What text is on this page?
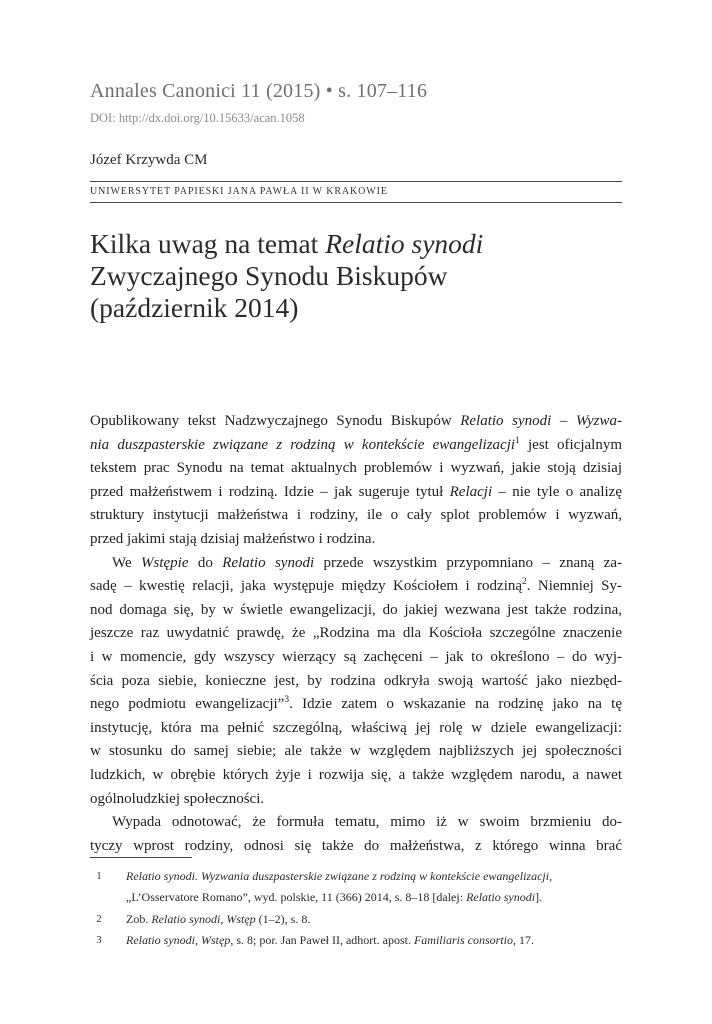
Annales Canonici 11 (2015) • s. 107–116
DOI: http://dx.doi.org/10.15633/acan.1058
Józef Krzywda CM
UNIWERSYTET PAPIESKI JANA PAWŁA II W KRAKOWIE
Kilka uwag na temat Relatio synodi
Zwyczajnego Synodu Biskupów
(październik 2014)
Opublikowany tekst Nadzwyczajnego Synodu Biskupów Relatio synodi – Wyzwa-
nia duszpasterskie związane z rodziną w kontekście ewangelizacji$^1$ jest oficjalnym
tekstem prac Synodu na temat aktualnych problemów i wyzwań, jakie stoją dzisiaj
przed małżeństwem i rodziną. Idzie – jak sugeruje tytuł Relacji – nie tyle o analizę
struktury instytucji małżeństwa i rodziny, ile o cały splot problemów i wyzwań,
przed jakimi stają dzisiaj małżeństwo i rodzina.
We Wstępie do Relatio synodi przede wszystkim przypomniano – znaną za-
sadę – kwestię relacji, jaka występuje między Kościołem i rodziną$^2$. Niemniej Sy-
nod domaga się, by w świetle ewangelizacji, do jakiej wezwana jest także rodzina,
jeszcze raz uwydatnić prawdę, że „Rodzina ma dla Kościoła szczególne znaczenie
i w momencie, gdy wszyscy wierzący są zachęceni – jak to określono – do wyj-
ścia poza siebie, konieczne jest, by rodzina odkryła swoją wartość jako niezbęd-
nego podmiotu ewangelizacji”$^3$. Idzie zatem o wskazanie na rodzinę jako na tę
instytucję, która ma pełnić szczególną, właściwą jej rolę w dziele ewangelizacji:
w stosunku do samej siebie; ale także w względem najbliższych jej społeczności
ludzkich, w obrębie których żyje i rozwija się, a także względem narodu, a nawet
ogólnoludzkiej społeczności.
Wypada odnotować, że formuła tematu, mimo iż w swoim brzmieniu do-
tyczy wprost rodziny, odnosi się także do małżeństwa, z którego winna brać
1	Relatio synodi. Wyzwania duszpasterskie związane z rodziną w kontekście ewangelizacji,
„L’Osservatore Romano”, wyd. polskie, 11 (366) 2014, s. 8–18 [dalej: Relatio synodi].
2	Zob. Relatio synodi, Wstęp (1–2), s. 8.
3	Relatio synodi, Wstęp, s. 8; por. Jan Paweł II, adhort. apost. Familiaris consortio, 17.
